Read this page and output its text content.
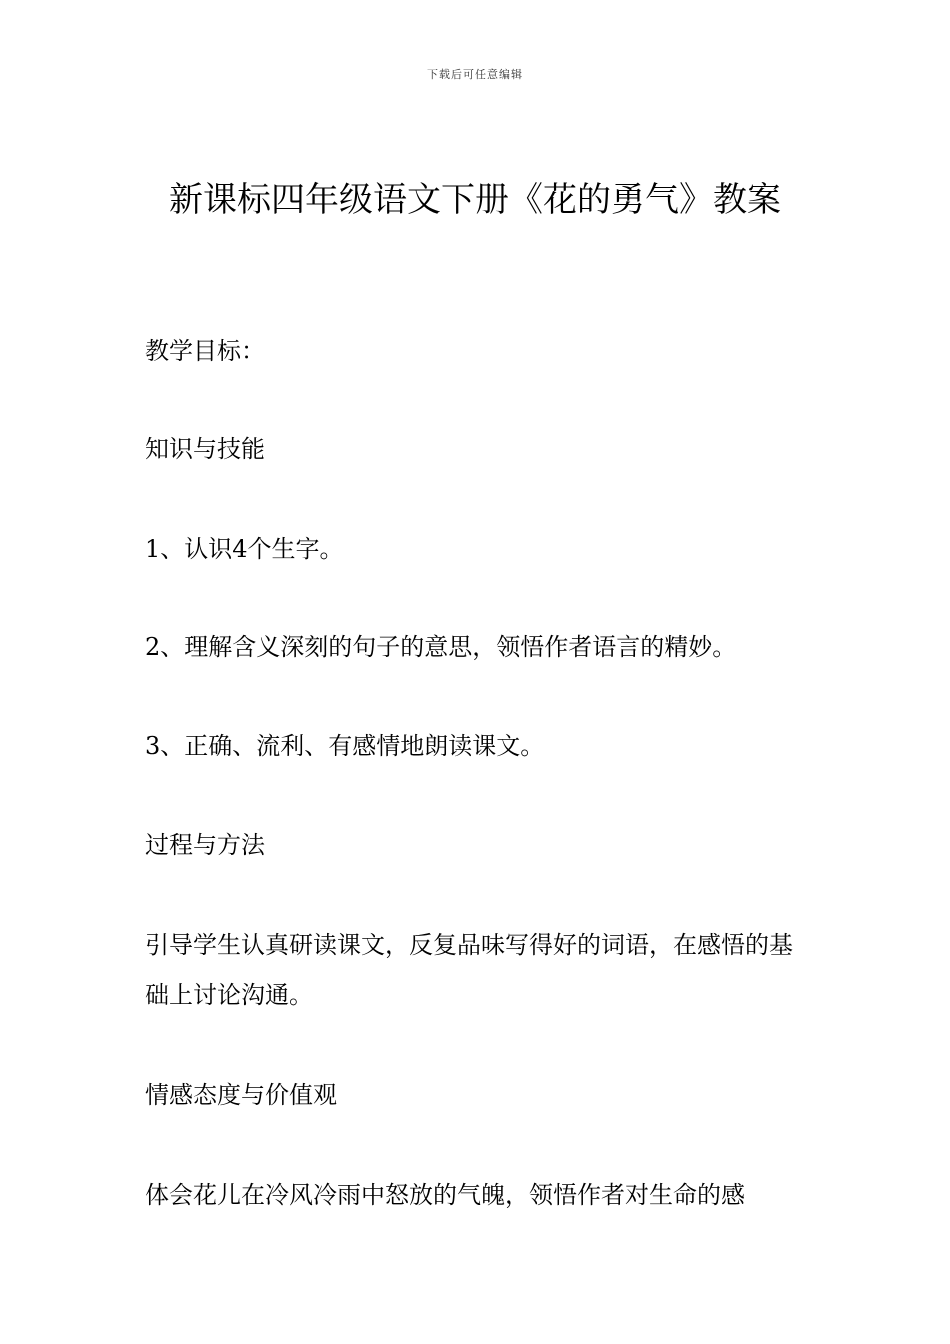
下载后可任意编辑
新课标四年级语文下册《花的勇气》教案

教学目标：

知识与技能

1、认识4个生字。

2、理解含义深刻的句子的意思，领悟作者语言的精妙。

3、正确、流利、有感情地朗读课文。

过程与方法

引导学生认真研读课文，反复品味写得好的词语，在感悟的基础上讨论沟通。

情感态度与价值观

体会花儿在冷风冷雨中怒放的气魄，领悟作者对生命的感
